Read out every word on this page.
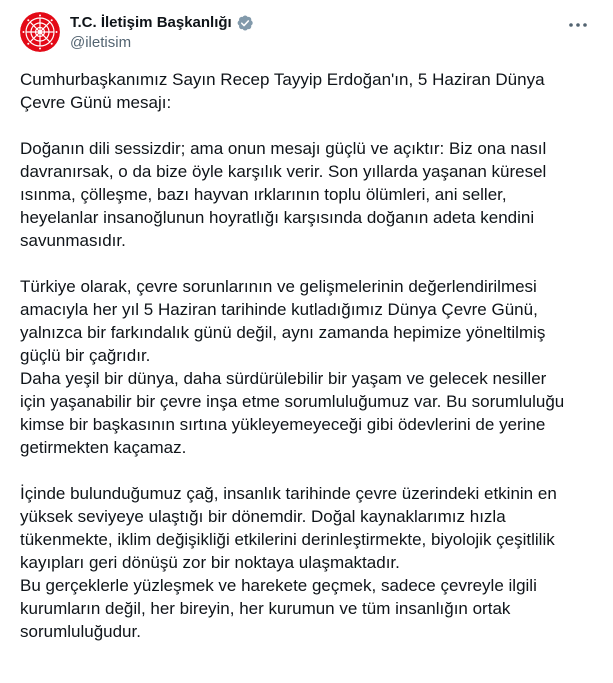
T.C. İletişim Başkanlığı
@iletisim
Cumhurbaşkanımız Sayın Recep Tayyip Erdoğan'ın, 5 Haziran Dünya
Çevre Günü mesajı:
Doğanın dili sessizdir; ama onun mesajı güçlü ve açıktır: Biz ona nasıl
davranırsak, o da bize öyle karşılık verir. Son yıllarda yaşanan küresel
ısınma, çölleşme, bazı hayvan ırklarının toplu ölümleri, ani seller,
heyelanlar insanoğlunun hoyratlığı karşısında doğanın adeta kendini
savunmasıdır.
Türkiye olarak, çevre sorunlarının ve gelişmelerinin değerlendirilmesi
amacıyla her yıl 5 Haziran tarihinde kutladığımız Dünya Çevre Günü,
yalnızca bir farkındalık günü değil, aynı zamanda hepimize yöneltilmiş
güçlü bir çağrıdır.
Daha yeşil bir dünya, daha sürdürülebilir bir yaşam ve gelecek nesiller
için yaşanabilir bir çevre inşa etme sorumluluğumuz var. Bu sorumluluğu
kimse bir başkasının sırtına yükleyemeyeceği gibi ödevlerini de yerine
getirmekten kaçamaz.
İçinde bulunduğumuz çağ, insanlık tarihinde çevre üzerindeki etkinin en
yüksek seviyeye ulaştığı bir dönemdir. Doğal kaynaklarımız hızla
tükenmekte, iklim değişikliği etkilerini derinleştirmekte, biyolojik çeşitlilik
kayıpları geri dönüşü zor bir noktaya ulaşmaktadır.
Bu gerçeklerle yüzleşmek ve harekete geçmek, sadece çevreyle ilgili
kurumların değil, her bireyin, her kurumun ve tüm insanlığın ortak
sorumluluğudur.
